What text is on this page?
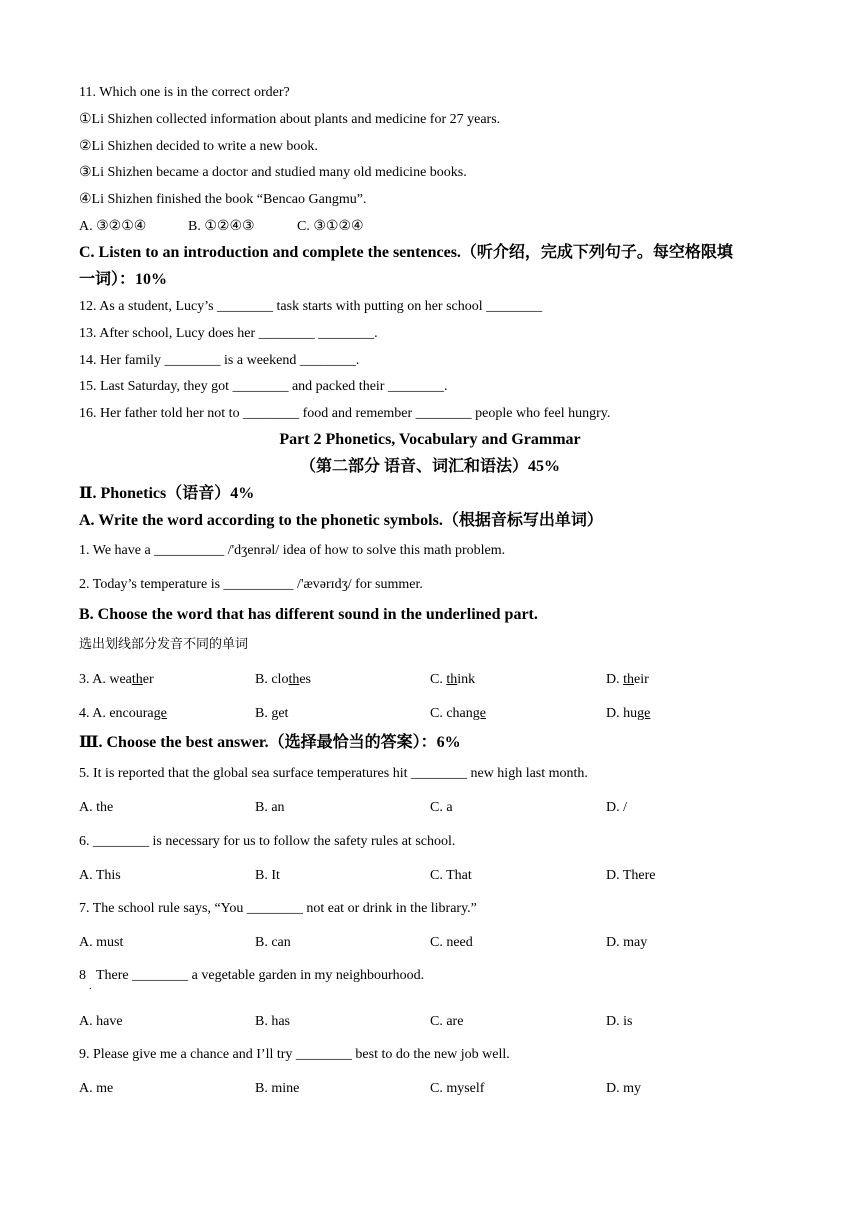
11. Which one is in the correct order?
①Li Shizhen collected information about plants and medicine for 27 years.
②Li Shizhen decided to write a new book.
③Li Shizhen became a doctor and studied many old medicine books.
④Li Shizhen finished the book “Bencao Gangmu”.
A. ③②①④	B. ①②④③	C. ③①②④
C. Listen to an introduction and complete the sentences.（听介绍，完成下列句子。每空格限填
一词）：10%
12. As a student, Lucy’s ________ task starts with putting on her school ________
13. After school, Lucy does her ________ ________.
14. Her family ________ is a weekend ________.
15. Last Saturday, they got ________ and packed their ________.
16. Her father told her not to ________ food and remember ________ people who feel hungry.
Part 2 Phonetics, Vocabulary and Grammar
（第二部分 语音、词汇和语法）45%
Ⅱ. Phonetics（语音）4%
A. Write the word according to the phonetic symbols.（根据音标写出单词）
1. We have a __________ /'dʒenrəl/ idea of how to solve this math problem.
2. Today’s temperature is __________ /'ævərɪdʒ/ for summer.
B. Choose the word that has different sound in the underlined part.
选出划线部分发音不同的单词
3. A. weather	B. clothes	C. think	D. their
4. A. encourage	B. get	C. change	D. huge
Ⅲ. Choose the best answer.（选择最恰当的答案）：6%
5. It is reported that the global sea surface temperatures hit ________ new high last month.
A. the	B. an	C. a	D. /
6. ________ is necessary for us to follow the safety rules at school.
A. This	B. It	C. That	D. There
7. The school rule says, “You ________ not eat or drink in the library.”
A. must	B. can	C. need	D. may
8
.
There ________ a vegetable garden in my neighbourhood.
A. have	B. has	C. are	D. is
9. Please give me a chance and I’ll try ________ best to do the new job well.
A. me	B. mine	C. myself	D. my
